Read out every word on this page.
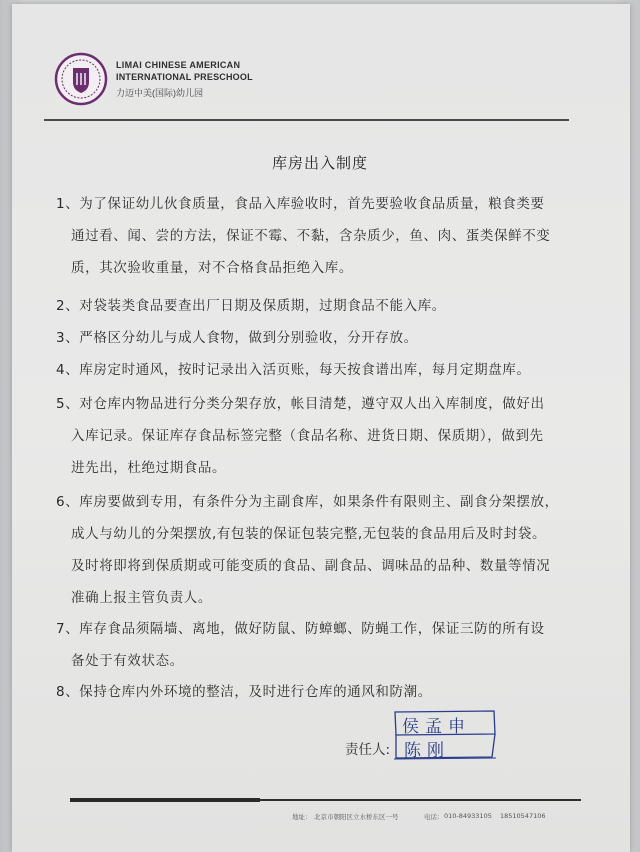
LIMAI CHINESE AMERICAN
INTERNATIONAL PRESCHOOL
力迈中美(国际)幼儿园
库房出入制度
1、为了保证幼儿伙食质量，食品入库验收时，首先要验收食品质量，粮食类要
通过看、闻、尝的方法，保证不霉、不黏，含杂质少，鱼、肉、蛋类保鲜不变
质，其次验收重量，对不合格食品拒绝入库。
2、对袋装类食品要查出厂日期及保质期，过期食品不能入库。
3、严格区分幼儿与成人食物，做到分别验收，分开存放。
4、库房定时通风，按时记录出入活页账，每天按食谱出库，每月定期盘库。
5、对仓库内物品进行分类分架存放，帐目清楚，遵守双人出入库制度，做好出
入库记录。保证库存食品标签完整（食品名称、进货日期、保质期），做到先
进先出，杜绝过期食品。
6、库房要做到专用，有条件分为主副食库，如果条件有限则主、副食分架摆放，
成人与幼儿的分架摆放,有包装的保证包装完整,无包装的食品用后及时封袋。
及时将即将到保质期或可能变质的食品、副食品、调味品的品种、数量等情况
准确上报主管负责人。
7、库存食品须隔墙、离地，做好防鼠、防蟑螂、防蝇工作，保证三防的所有设
备处于有效状态。
8、保持仓库内外环境的整洁，及时进行仓库的通风和防潮。
责任人:
侯孟申
陈刚
地址： 北京市朝阳区立水桥东区一号	电话： 010-84933105 18510547106
